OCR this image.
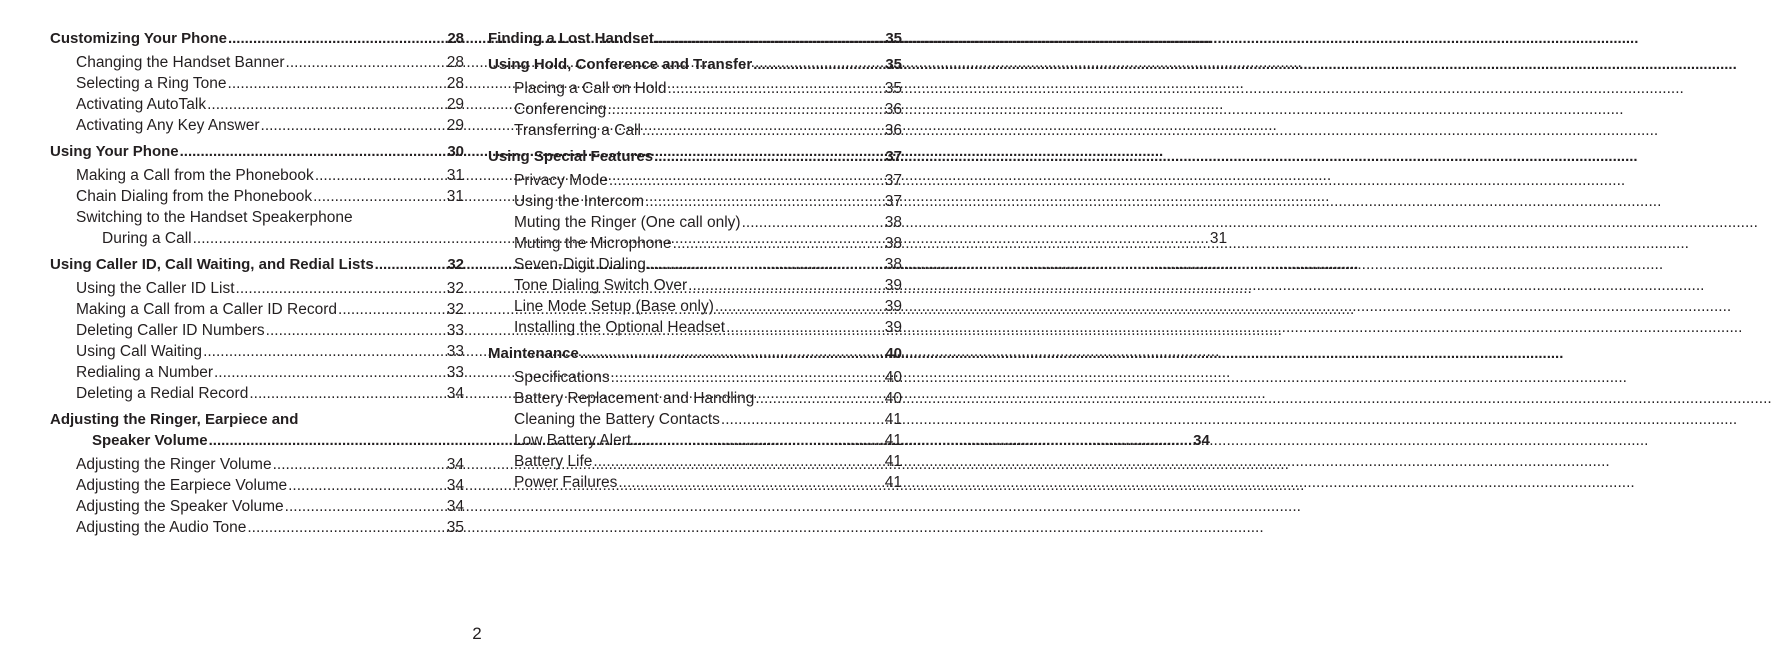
Customizing Your Phone .....	28
Changing the Handset Banner .....	28
Selecting a Ring Tone .....	28
Activating AutoTalk .....	29
Activating Any Key Answer .....	29
Using Your Phone .....	30
Making a Call from the Phonebook .....	31
Chain Dialing from the Phonebook .....	31
Switching to the Handset Speakerphone
During a Call .....	31
Using Caller ID, Call Waiting, and Redial Lists .....	32
Using the Caller ID List .....	32
Making a Call from a Caller ID Record .....	32
Deleting Caller ID Numbers .....	33
Using Call Waiting .....	33
Redialing a Number .....	33
Deleting a Redial Record .....	34
Adjusting the Ringer, Earpiece and
Speaker Volume .....	34
Adjusting the Ringer Volume .....	34
Adjusting the Earpiece Volume .....	34
Adjusting the Speaker Volume .....	34
Adjusting the Audio Tone .....	35
Finding a Lost Handset .....	35
Using Hold, Conference and Transfer .....	35
Placing a Call on Hold .....	35
Conferencing .....	36
Transferring a Call .....	36
Using Special Features .....	37
Privacy Mode .....	37
Using the Intercom .....	37
Muting the Ringer (One call only) .....	38
Muting the Microphone .....	38
Seven-Digit Dialing .....	38
Tone Dialing Switch Over .....	39
Line Mode Setup (Base only) .....	39
Installing the Optional Headset .....	39
Maintenance .....	40
Specifications .....	40
Battery Replacement and Handling .....	40
Cleaning the Battery Contacts .....	41
Low Battery Alert .....	41
Battery Life .....	41
Power Failures .....	41
2
